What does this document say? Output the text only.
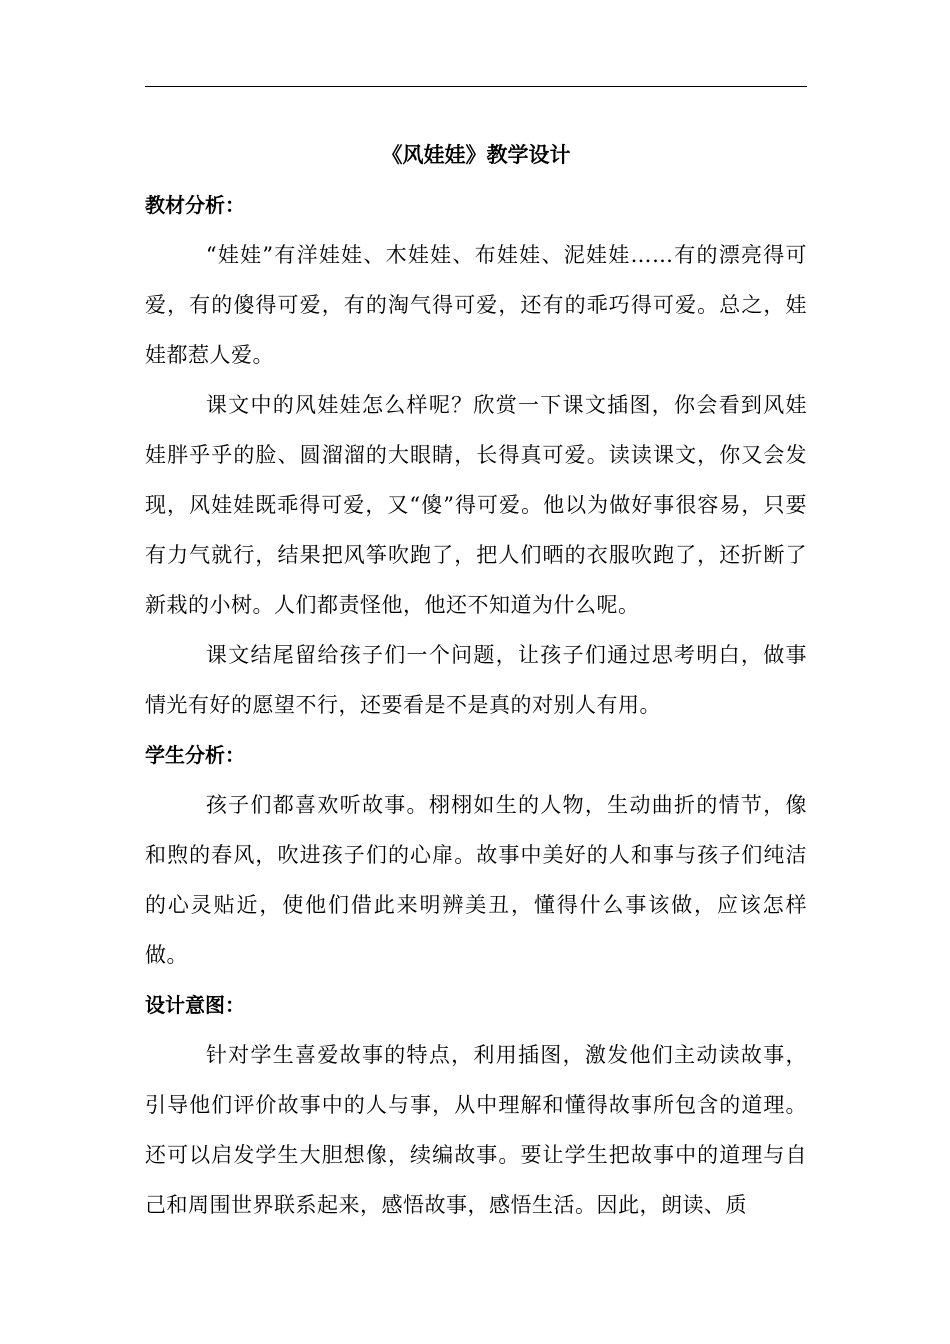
《风娃娃》教学设计
教材分析：

“娃娃”有洋娃娃、木娃娃、布娃娃、泥娃娃……有的漂亮得可爱，有的傻得可爱，有的淘气得可爱，还有的乖巧得可爱。总之，娃娃都惹人爱。

课文中的风娃娃怎么样呢？欣赏一下课文插图，你会看到风娃娃胖乎乎的脸、圆溜溜的大眼睛，长得真可爱。读读课文，你又会发现，风娃娃既乖得可爱，又“傻”得可爱。他以为做好事很容易，只要有力气就行，结果把风筝吹跑了，把人们晒的衣服吹跑了，还折断了新栽的小树。人们都责怪他，他还不知道为什么呢。

课文结尾留给孩子们一个问题，让孩子们通过思考明白，做事情光有好的愿望不行，还要看是不是真的对别人有用。

学生分析：

孩子们都喜欢听故事。栩栩如生的人物，生动曲折的情节，像和煦的春风，吹进孩子们的心扉。故事中美好的人和事与孩子们纯洁的心灵贴近，使他们借此来明辨美丑，懂得什么事该做，应该怎样做。

设计意图：

针对学生喜爱故事的特点，利用插图，激发他们主动读故事，引导他们评价故事中的人与事，从中理解和懂得故事所包含的道理。还可以启发学生大胆想像，续编故事。要让学生把故事中的道理与自己和周围世界联系起来，感悟故事，感悟生活。因此，朗读、质
